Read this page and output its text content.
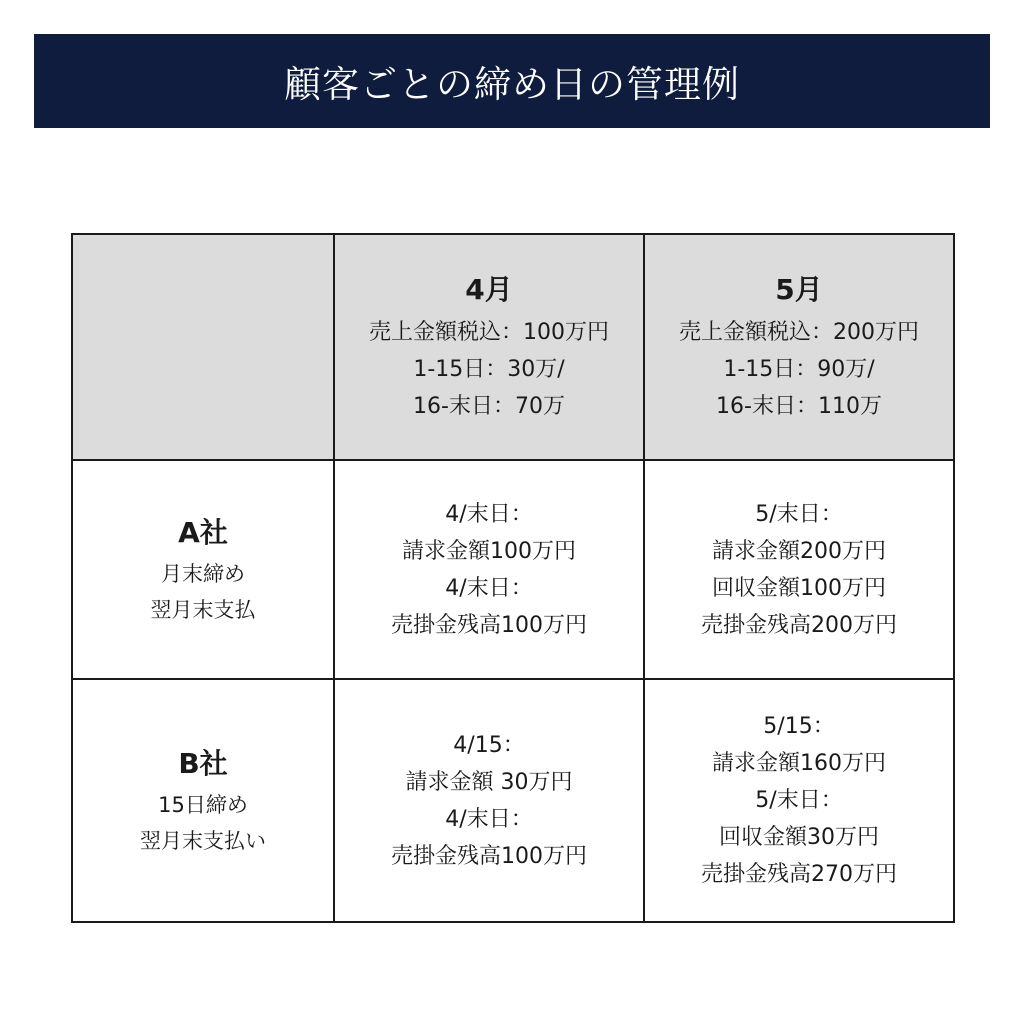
顧客ごとの締め日の管理例

	4月
売上金額税込：100万円
1-15日：30万/
16-末日：70万	5月
売上金額税込：200万円
1-15日：90万/
16-末日：110万

A社
月末締め
翌月末支払	4/末日：
請求金額100万円
4/末日：
売掛金残高100万円	5/末日：
請求金額200万円
回収金額100万円
売掛金残高200万円

B社
15日締め
翌月末支払い	4/15：
請求金額 30万円
4/末日：
売掛金残高100万円	5/15：
請求金額160万円
5/末日：
回収金額30万円
売掛金残高270万円
